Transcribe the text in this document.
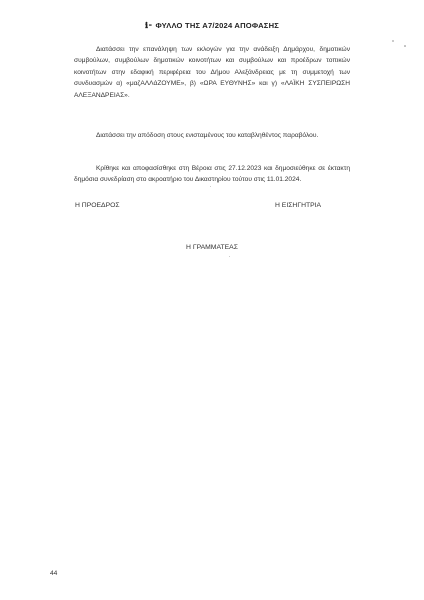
ℹ︎⁃ ΦΥΛΛΟ ΤΗΣ Α7/2024 ΑΠΟΦΑΣΗΣ
Διατάσσει την επανάληψη των εκλογών για την ανάδειξη Δημάρχου, δημοτικών συμβούλων, συμβούλων δημοτικών κοινοτήτων και συμβούλων και προέδρων τοπικών κοινοτήτων στην εδαφική περιφέρεια του Δήμου Αλεξάνδρειας με τη συμμετοχή των συνδυασμών α) «μαζΑΛΛάΖΟΥΜΕ», β) «ΩΡΑ ΕΥΘΥΝΗΣ» και γ) «ΛΑΪΚΗ ΣΥΣΠΕΙΡΩΣΗ ΑΛΕΞΑΝΔΡΕΙΑΣ».
Διατάσσει την απόδοση στους ενισταμένους του καταβληθέντος παραβόλου.
Κρίθηκε και αποφασίσθηκε στη Βέροια στις 27.12.2023 και δημοσιεύθηκε σε έκτακτη δημόσια συνεδρίαση στο ακροατήριο του Δικαστηρίου τούτου στις 11.01.2024.
Η ΠΡΟΕΔΡΟΣ	Η ΕΙΣΗΓΗΤΡΙΑ
Η ΓΡΑΜΜΑΤΕΑΣ
44
